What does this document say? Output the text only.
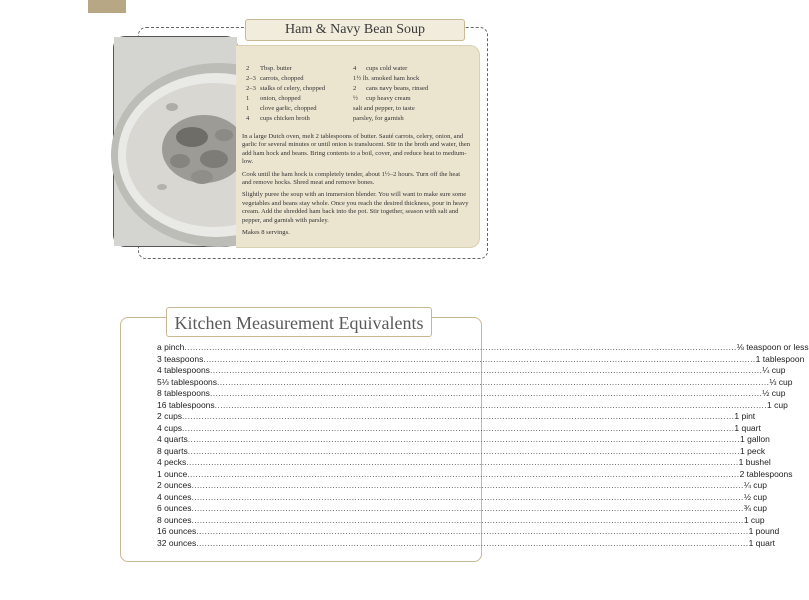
Ham & Navy Bean Soup
2	Tbsp. butter	4	cups cold water
2–3	carrots, chopped	1½ lb. smoked ham hock	
2–3	stalks of celery, chopped	2	cans navy beans, rinsed
1	onion, chopped	½	cup heavy cream
1	clove garlic, chopped	salt and pepper, to taste	
4	cups chicken broth	parsley, for garnish	

In a large Dutch oven, melt 2 tablespoons of butter. Sauté carrots, celery, onion, and garlic for several minutes or until onion is translucent. Stir in the broth and water, then add ham hock and beans. Bring contents to a boil, cover, and reduce heat to medium-low.

Cook until the ham hock is completely tender, about 1½–2 hours. Turn off the heat and remove hocks. Shred meat and remove bones.

Slightly puree the soup with an immersion blender. You will want to make sure some vegetables and beans stay whole. Once you reach the desired thickness, pour in heavy cream. Add the shredded ham back into the pot. Stir together, season with salt and pepper, and garnish with parsley.

Makes 8 servings.

Kitchen Measurement Equivalents
a pinch ........................................................................................................................................................................................................ ⅛ teaspoon or less
3 teaspoons ........................................................................................................................................................................................................ 1 tablespoon
4 tablespoons ........................................................................................................................................................................................................ ¼ cup
5⅓ tablespoons ........................................................................................................................................................................................................ ⅓ cup
8 tablespoons ........................................................................................................................................................................................................ ½ cup
16 tablespoons ........................................................................................................................................................................................................ 1 cup
2 cups ........................................................................................................................................................................................................ 1 pint
4 cups ........................................................................................................................................................................................................ 1 quart
4 quarts ........................................................................................................................................................................................................ 1 gallon
8 quarts ........................................................................................................................................................................................................ 1 peck
4 pecks ........................................................................................................................................................................................................ 1 bushel
1 ounce ........................................................................................................................................................................................................ 2 tablespoons
2 ounces ........................................................................................................................................................................................................ ¼ cup
4 ounces ........................................................................................................................................................................................................ ½ cup
6 ounces ........................................................................................................................................................................................................ ¾ cup
8 ounces ........................................................................................................................................................................................................ 1 cup
16 ounces ........................................................................................................................................................................................................ 1 pound
32 ounces ........................................................................................................................................................................................................ 1 quart
